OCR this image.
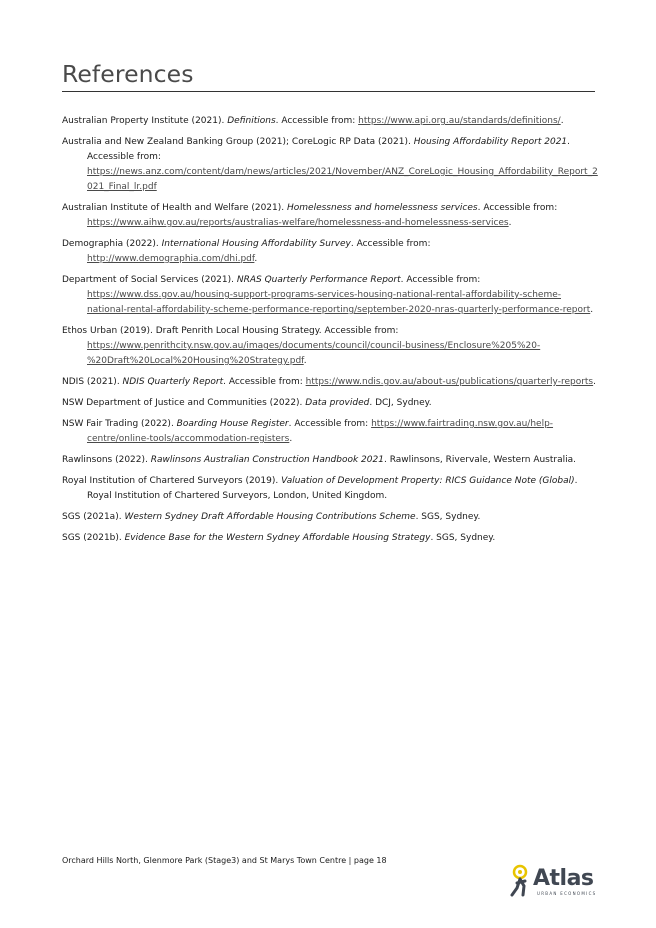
References
Australian Property Institute (2021). Definitions. Accessible from: https://www.api.org.au/standards/definitions/.
Australia and New Zealand Banking Group (2021); CoreLogic RP Data (2021). Housing Affordability Report 2021. Accessible from: https://news.anz.com/content/dam/news/articles/2021/November/ANZ_CoreLogic_Housing_Affordability_Report_2021_Final_lr.pdf
Australian Institute of Health and Welfare (2021). Homelessness and homelessness services. Accessible from: https://www.aihw.gov.au/reports/australias-welfare/homelessness-and-homelessness-services.
Demographia (2022). International Housing Affordability Survey. Accessible from: http://www.demographia.com/dhi.pdf.
Department of Social Services (2021). NRAS Quarterly Performance Report. Accessible from: https://www.dss.gov.au/housing-support-programs-services-housing-national-rental-affordability-scheme-national-rental-affordability-scheme-performance-reporting/september-2020-nras-quarterly-performance-report.
Ethos Urban (2019). Draft Penrith Local Housing Strategy. Accessible from: https://www.penrithcity.nsw.gov.au/images/documents/council/council-business/Enclosure%205%20-%20Draft%20Local%20Housing%20Strategy.pdf.
NDIS (2021). NDIS Quarterly Report. Accessible from: https://www.ndis.gov.au/about-us/publications/quarterly-reports.
NSW Department of Justice and Communities (2022). Data provided. DCJ, Sydney.
NSW Fair Trading (2022). Boarding House Register. Accessible from: https://www.fairtrading.nsw.gov.au/help-centre/online-tools/accommodation-registers.
Rawlinsons (2022). Rawlinsons Australian Construction Handbook 2021. Rawlinsons, Rivervale, Western Australia.
Royal Institution of Chartered Surveyors (2019). Valuation of Development Property: RICS Guidance Note (Global). Royal Institution of Chartered Surveyors, London, United Kingdom.
SGS (2021a). Western Sydney Draft Affordable Housing Contributions Scheme. SGS, Sydney.
SGS (2021b). Evidence Base for the Western Sydney Affordable Housing Strategy. SGS, Sydney.
Orchard Hills North, Glenmore Park (Stage3) and St Marys Town Centre | page 18
Atlas
URBAN ECONOMICS
